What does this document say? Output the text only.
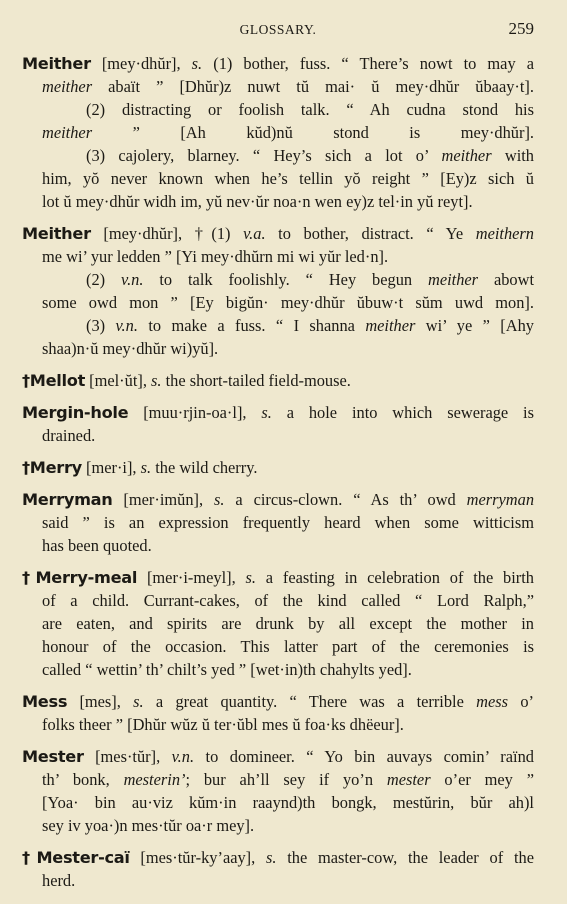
GLOSSARY.	259
Meither [mey·dhŭr], s. (1) bother, fuss. “ There’s nowt to may a
meither abaït ” [Dhŭr)z nuwt tŭ mai· ŭ mey·dhŭr ŭbaay·t].
(2) distracting or foolish talk. “ Ah cudna stond his
meither ” [Ah kŭd)nŭ stond is mey·dhŭr].
(3) cajolery, blarney. “ Hey’s sich a lot o’ meither with
him, yŏ never known when he’s tellin yŏ reight ” [Ey)z sich ŭ
lot ŭ mey·dhŭr widh im, yŭ nev·ŭr noa·n wen ey)z tel·in yŭ reyt].
Meither [mey·dhŭr], †(1) v.a. to bother, distract. “ Ye meithern
me wi’ yur ledden ” [Yi mey·dhŭrn mi wi yŭr led·n].
(2) v.n. to talk foolishly. “ Hey begun meither abowt
some owd mon ” [Ey bigŭn· mey·dhŭr ŭbuw·t sŭm uwd mon].
(3) v.n. to make a fuss. “ I shanna meither wi’ ye ” [Ahy
shaa)n·ŭ mey·dhŭr wi)yŭ].
†Mellot [mel·ŭt], s. the short-tailed field-mouse.
Mergin-hole [muu·rjin-oa·l], s. a hole into which sewerage is
drained.
†Merry [mer·i], s. the wild cherry.
Merryman [mer·imŭn], s. a circus-clown. “ As th’ owd merryman
said ” is an expression frequently heard when some witticism
has been quoted.
†Merry-meal [mer·i-meyl], s. a feasting in celebration of the birth
of a child. Currant-cakes, of the kind called “ Lord Ralph,”
are eaten, and spirits are drunk by all except the mother in
honour of the occasion. This latter part of the ceremonies is
called “ wettin’ th’ chilt’s yed ” [wet·in)th chahylts yed].
Mess [mes], s. a great quantity. “ There was a terrible mess o’
folks theer ” [Dhŭr wŭz ŭ ter·ŭbl mes ŭ foa·ks dhëeur].
Mester [mes·tŭr], v.n. to domineer. “ Yo bin auvays comin’ raïnd
th’ bonk, mesterin’; bur ah’ll sey if yo’n mester o’er mey ”
[Yoa· bin au·viz kŭm·in raaynd)th bongk, mestŭrin, bŭr ah)l
sey iv yoa·)n mes·tŭr oa·r mey].
†Mester-caï [mes·tŭr-ky’aay], s. the master-cow, the leader of the
herd.
